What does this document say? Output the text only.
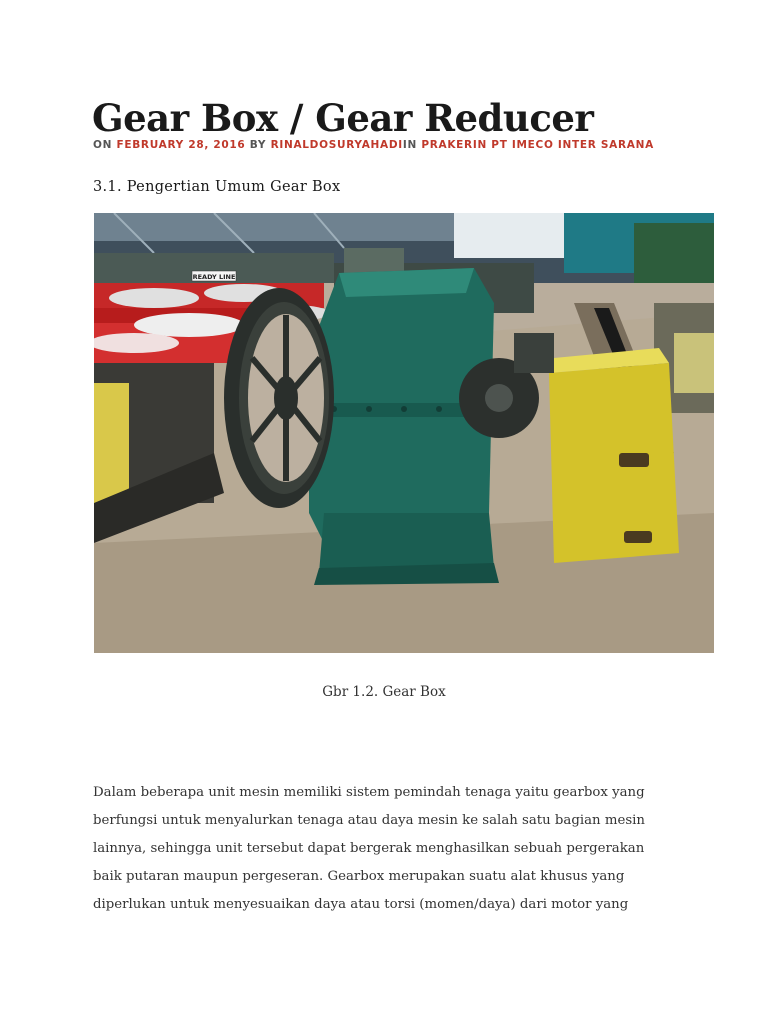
Gear Box / Gear Reducer
ON FEBRUARY 28, 2016 BY RINALDOSURYAHADIIN PRAKERIN PT IMECO INTER SARANA
3.1. Pengertian Umum Gear Box
READY LINE
Gbr 1.2. Gear Box

Dalam beberapa unit mesin memiliki sistem pemindah tenaga yaitu gearbox yang
berfungsi untuk menyalurkan tenaga atau daya mesin ke salah satu bagian mesin
lainnya, sehingga unit tersebut dapat bergerak menghasilkan sebuah pergerakan
baik putaran maupun pergeseran. Gearbox merupakan suatu alat khusus yang
diperlukan untuk menyesuaikan daya atau torsi (momen/daya) dari motor yang
